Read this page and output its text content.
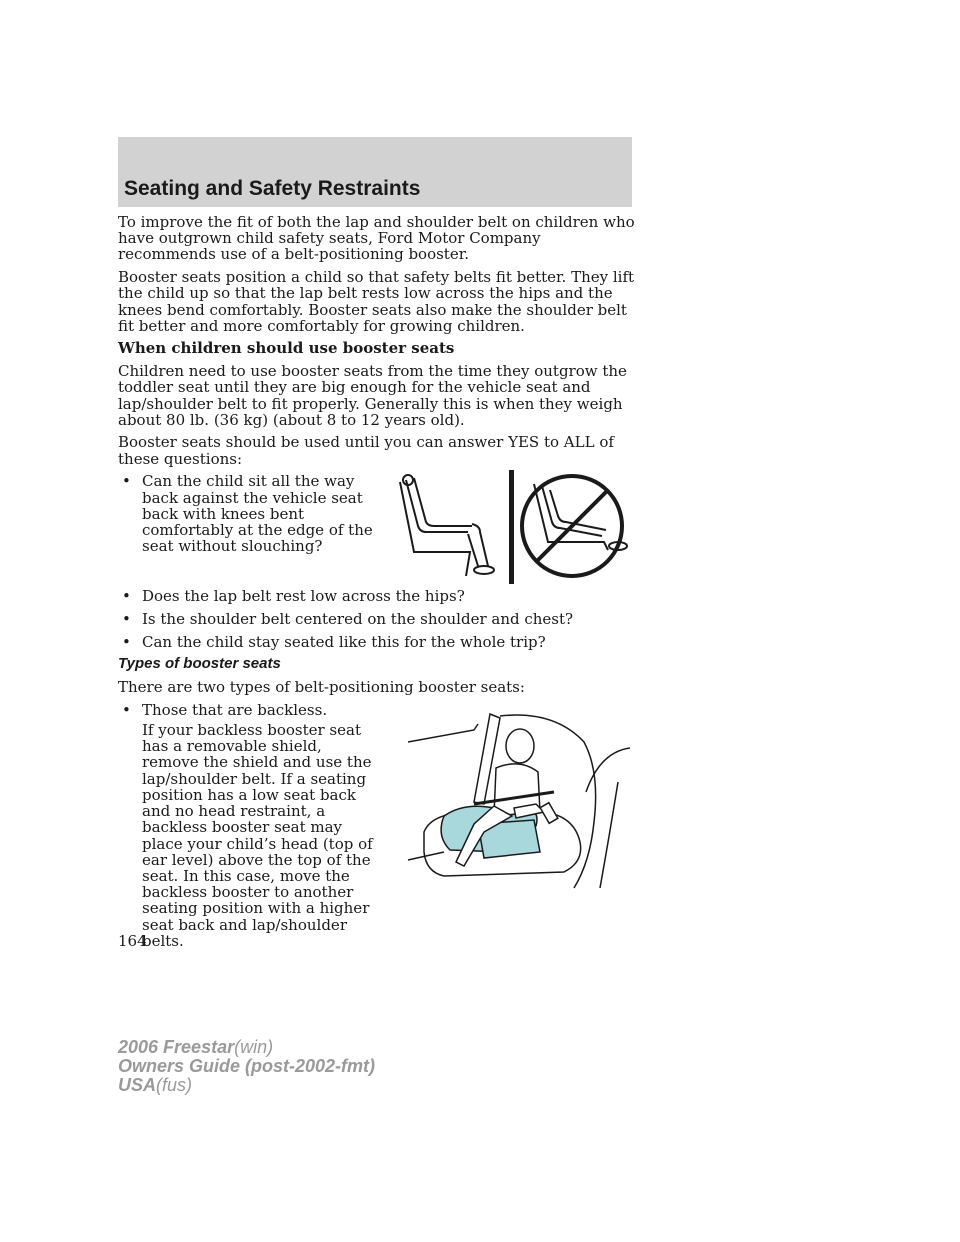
Seating and Safety Restraints

To improve the fit of both the lap and shoulder belt on children who have outgrown child safety seats, Ford Motor Company recommends use of a belt-positioning booster.

Booster seats position a child so that safety belts fit better. They lift the child up so that the lap belt rests low across the hips and the knees bend comfortably. Booster seats also make the shoulder belt fit better and more comfortably for growing children.

When children should use booster seats

Children need to use booster seats from the time they outgrow the toddler seat until they are big enough for the vehicle seat and lap/shoulder belt to fit properly. Generally this is when they weigh about 80 lb. (36 kg) (about 8 to 12 years old).

Booster seats should be used until you can answer YES to ALL of these questions:

• Can the child sit all the way back against the vehicle seat back with knees bent comfortably at the edge of the seat without slouching?
• Does the lap belt rest low across the hips?
• Is the shoulder belt centered on the shoulder and chest?
• Can the child stay seated like this for the whole trip?

Types of booster seats

There are two types of belt-positioning booster seats:

• Those that are backless.
If your backless booster seat has a removable shield, remove the shield and use the lap/shoulder belt. If a seating position has a low seat back and no head restraint, a backless booster seat may place your child’s head (top of ear level) above the top of the seat. In this case, move the backless booster to another seating position with a higher seat back and lap/shoulder belts.
164
2006 Freestar(win)
Owners Guide (post-2002-fmt)
USA(fus)
